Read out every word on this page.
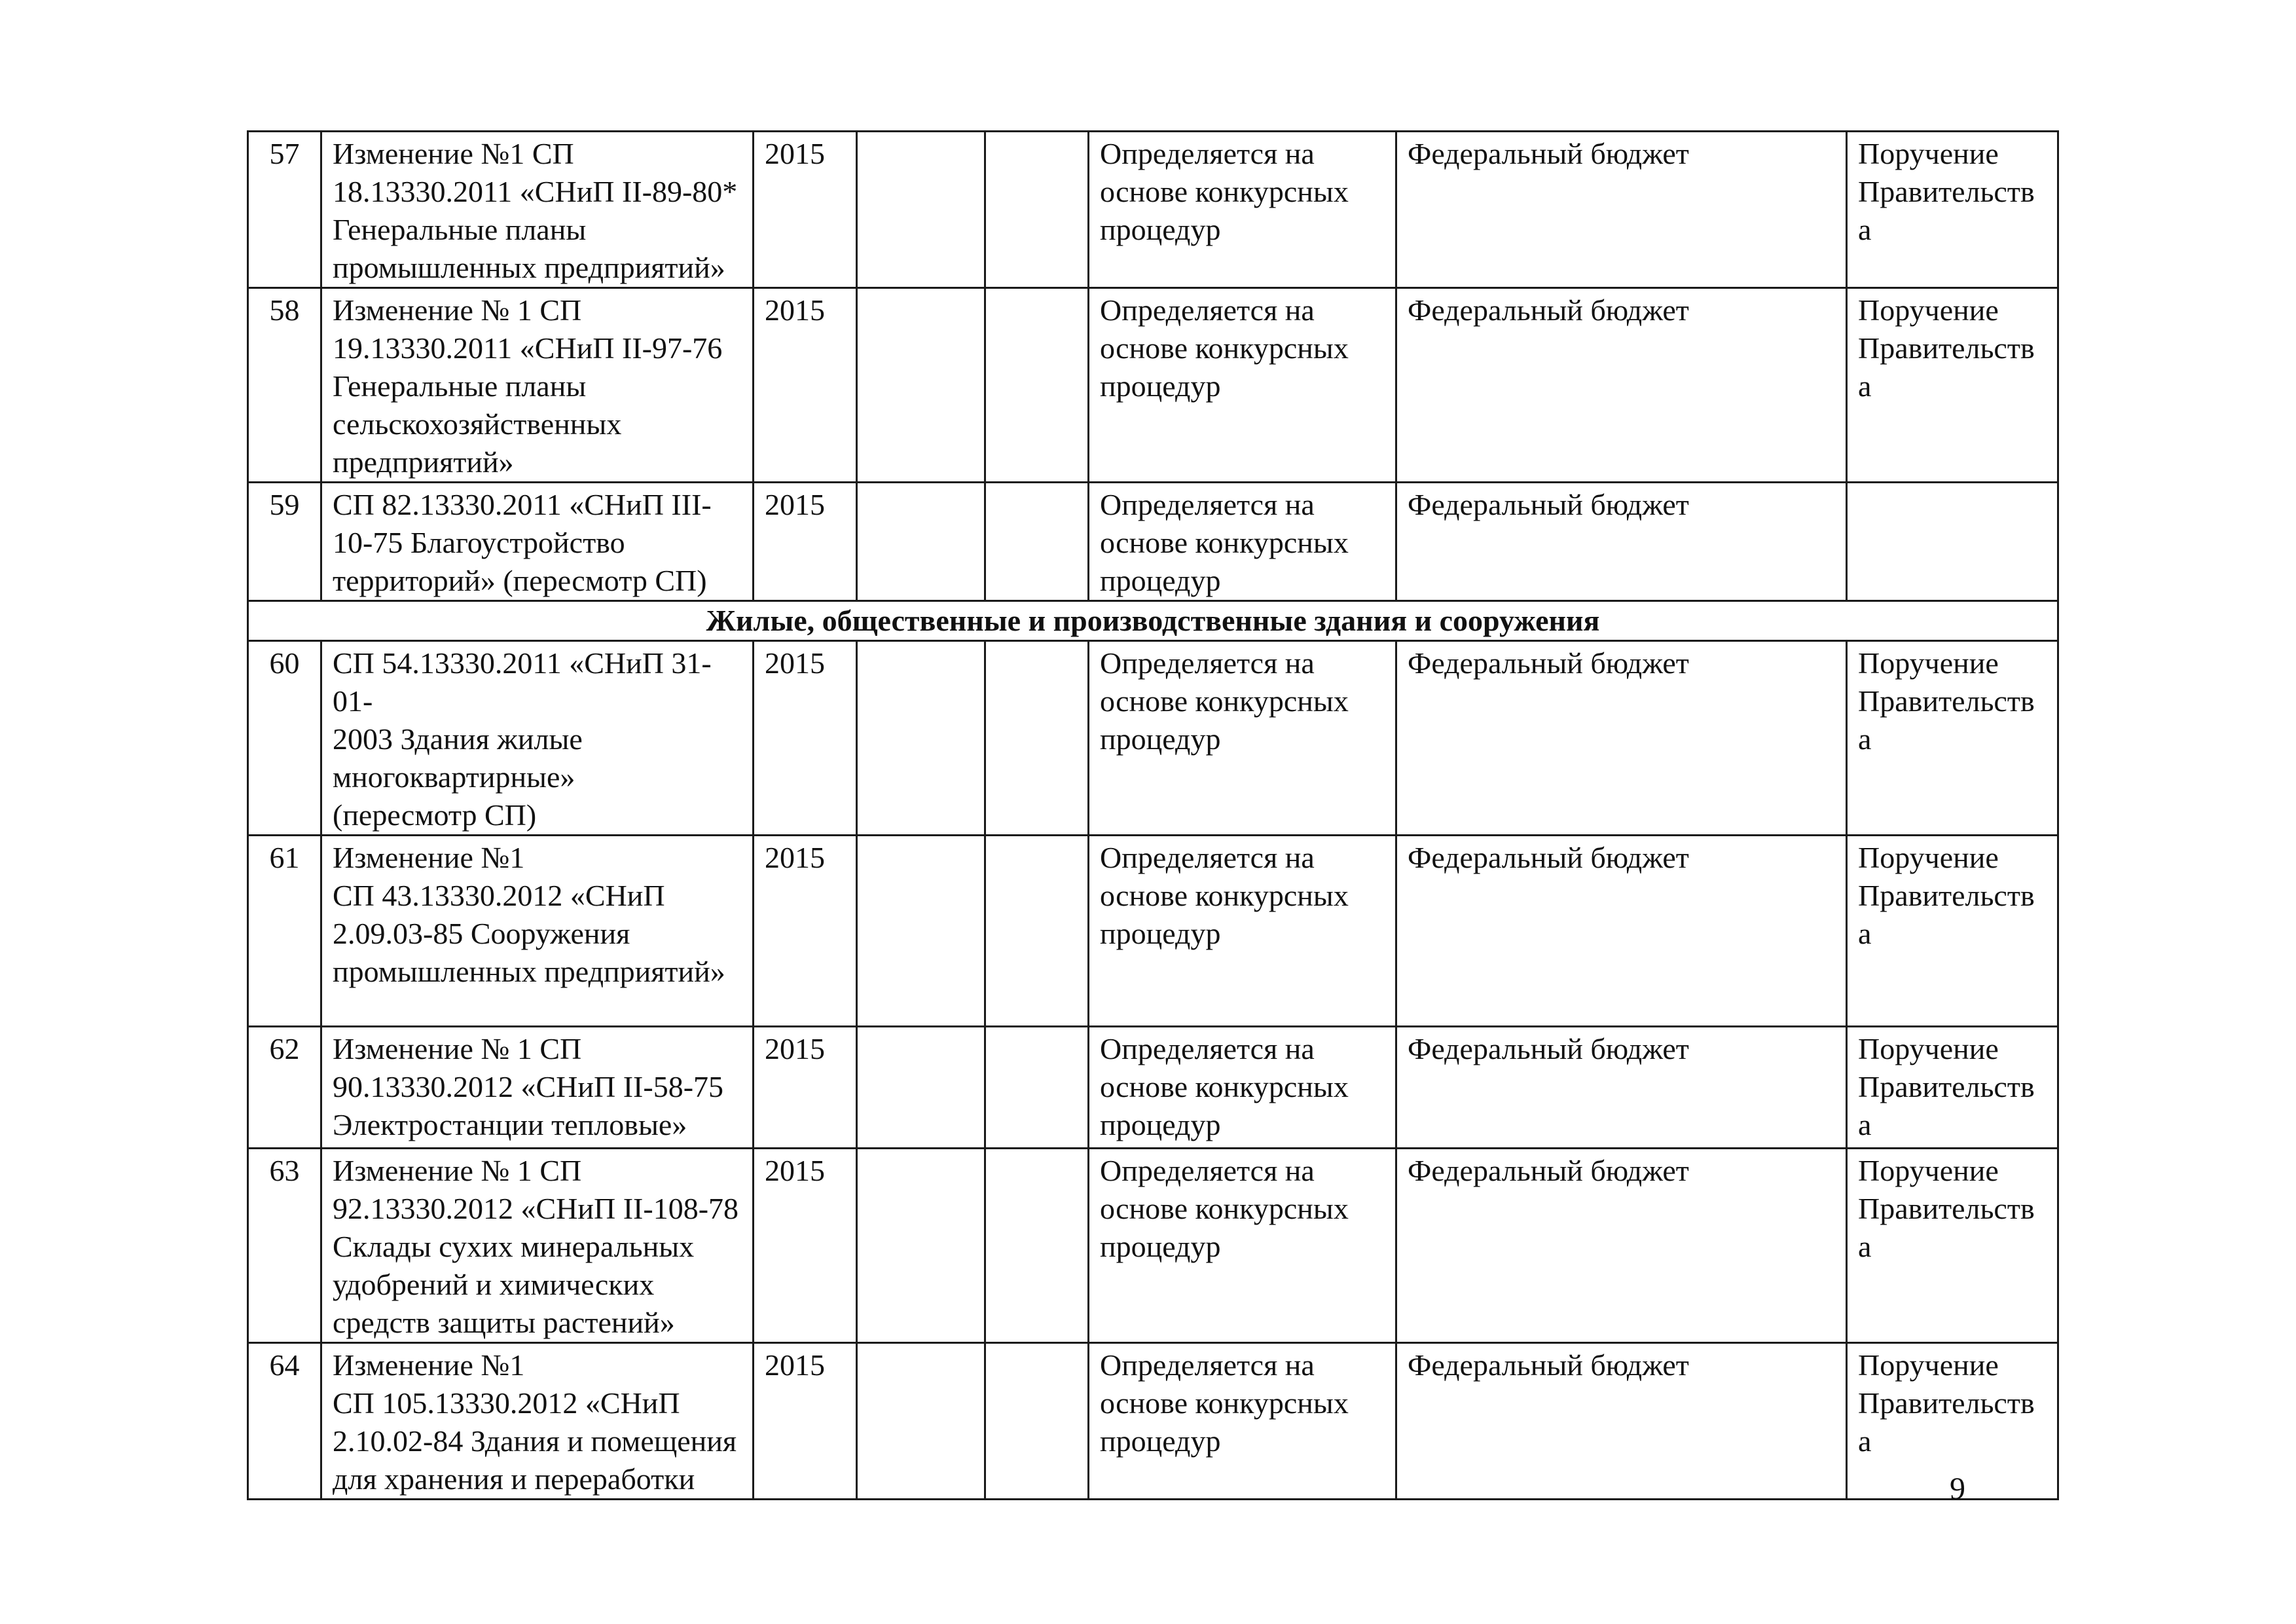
57	Изменение №1 СП
18.13330.2011 «СНиП II-89-80*
Генеральные планы
промышленных предприятий»	2015			Определяется на
основе конкурсных
процедур	Федеральный бюджет	Поручение
Правительства
58	Изменение № 1 СП
19.13330.2011 «СНиП II-97-76
Генеральные планы
сельскохозяйственных
предприятий»	2015			Определяется на
основе конкурсных
процедур	Федеральный бюджет	Поручение
Правительства
59	СП 82.13330.2011 «СНиП III-
10-75 Благоустройство
территорий» (пересмотр СП)	2015			Определяется на
основе конкурсных
процедур	Федеральный бюджет	
Жилые, общественные и производственные здания и сооружения							
60	СП 54.13330.2011 «СНиП 31-01-
2003 Здания жилые
многоквартирные»
(пересмотр СП)	2015			Определяется на
основе конкурсных
процедур	Федеральный бюджет	Поручение
Правительства
61	Изменение №1
СП 43.13330.2012 «СНиП
2.09.03-85 Сооружения
промышленных предприятий»	2015			Определяется на
основе конкурсных
процедур	Федеральный бюджет	Поручение
Правительства
62	Изменение № 1 СП
90.13330.2012 «СНиП II-58-75
Электростанции тепловые»	2015			Определяется на
основе конкурсных
процедур	Федеральный бюджет	Поручение
Правительства
63	Изменение № 1 СП
92.13330.2012 «СНиП II-108-78
Склады сухих минеральных
удобрений и химических
средств защиты растений»	2015			Определяется на
основе конкурсных
процедур	Федеральный бюджет	Поручение
Правительства
64	Изменение №1
СП 105.13330.2012 «СНиП
2.10.02-84 Здания и помещения
для хранения и переработки	2015			Определяется на
основе конкурсных
процедур	Федеральный бюджет	Поручение
Правительства
9
